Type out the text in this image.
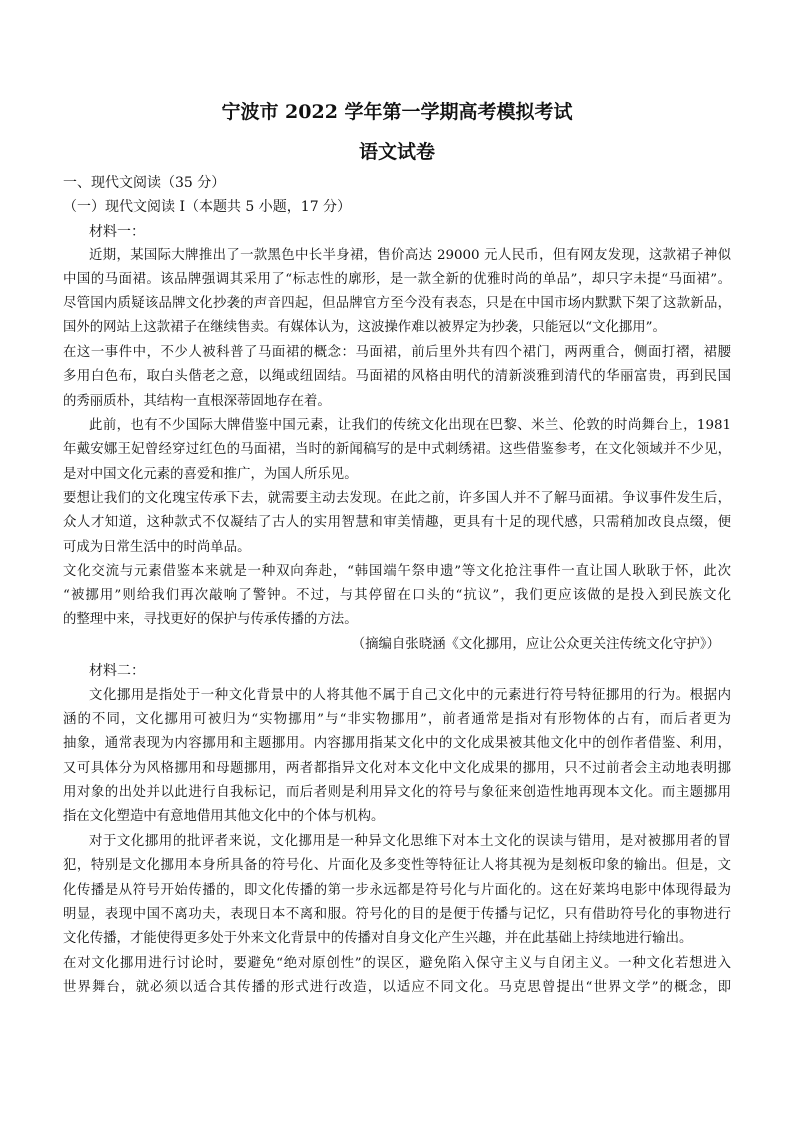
宁波市 2022 学年第一学期高考模拟考试
语文试卷

一、现代文阅读（35 分）

（一）现代文阅读 I（本题共 5 小题，17 分）

材料一：

近期，某国际大牌推出了一款黑色中长半身裙，售价高达 29000 元人民币，但有网友发现，这款裙子神似

中国的马面裙。该品牌强调其采用了“标志性的廓形，是一款全新的优雅时尚的单品”，却只字未提“马面裙”。

尽管国内质疑该品牌文化抄袭的声音四起，但品牌官方至今没有表态，只是在中国市场内默默下架了这款新品，

国外的网站上这款裙子在继续售卖。有媒体认为，这波操作难以被界定为抄袭，只能冠以“文化挪用”。

在这一事件中，不少人被科普了马面裙的概念：马面裙，前后里外共有四个裙门，两两重合，侧面打褶，裙腰

多用白色布，取白头偕老之意，以绳或纽固结。马面裙的风格由明代的清新淡雅到清代的华丽富贵，再到民国

的秀丽质朴，其结构一直根深蒂固地存在着。

此前，也有不少国际大牌借鉴中国元素，让我们的传统文化出现在巴黎、米兰、伦敦的时尚舞台上，1981

年戴安娜王妃曾经穿过红色的马面裙，当时的新闻稿写的是中式刺绣裙。这些借鉴参考，在文化领域并不少见，

是对中国文化元素的喜爱和推广，为国人所乐见。

要想让我们的文化瑰宝传承下去，就需要主动去发现。在此之前，许多国人并不了解马面裙。争议事件发生后，

众人才知道，这种款式不仅凝结了古人的实用智慧和审美情趣，更具有十足的现代感，只需稍加改良点缀，便

可成为日常生活中的时尚单品。

文化交流与元素借鉴本来就是一种双向奔赴，“韩国端午祭申遗”等文化抢注事件一直让国人耿耿于怀，此次

“被挪用”则给我们再次敲响了警钟。不过，与其停留在口头的“抗议”，我们更应该做的是投入到民族文化

的整理中来，寻找更好的保护与传承传播的方法。

（摘编自张晓涵《文化挪用，应让公众更关注传统文化守护》）

材料二：

文化挪用是指处于一种文化背景中的人将其他不属于自己文化中的元素进行符号特征挪用的行为。根据内

涵的不同，文化挪用可被归为“实物挪用”与“非实物挪用”，前者通常是指对有形物体的占有，而后者更为

抽象，通常表现为内容挪用和主题挪用。内容挪用指某文化中的文化成果被其他文化中的创作者借鉴、利用，

又可具体分为风格挪用和母题挪用，两者都指异文化对本文化中文化成果的挪用，只不过前者会主动地表明挪

用对象的出处并以此进行自我标记，而后者则是利用异文化的符号与象征来创造性地再现本文化。而主题挪用

指在文化塑造中有意地借用其他文化中的个体与机构。

对于文化挪用的批评者来说，文化挪用是一种异文化思维下对本土文化的误读与错用，是对被挪用者的冒

犯，特别是文化挪用本身所具备的符号化、片面化及多变性等特征让人将其视为是刻板印象的输出。但是，文

化传播是从符号开始传播的，即文化传播的第一步永远都是符号化与片面化的。这在好莱坞电影中体现得最为

明显，表现中国不离功夫，表现日本不离和服。符号化的目的是便于传播与记忆，只有借助符号化的事物进行

文化传播，才能使得更多处于外来文化背景中的传播对自身文化产生兴趣，并在此基础上持续地进行输出。

在对文化挪用进行讨论时，要避免“绝对原创性”的误区，避免陷入保守主义与自闭主义。一种文化若想进入

世界舞台，就必须以适合其传播的形式进行改造，以适应不同文化。马克思曾提出“世界文学”的概念，即
